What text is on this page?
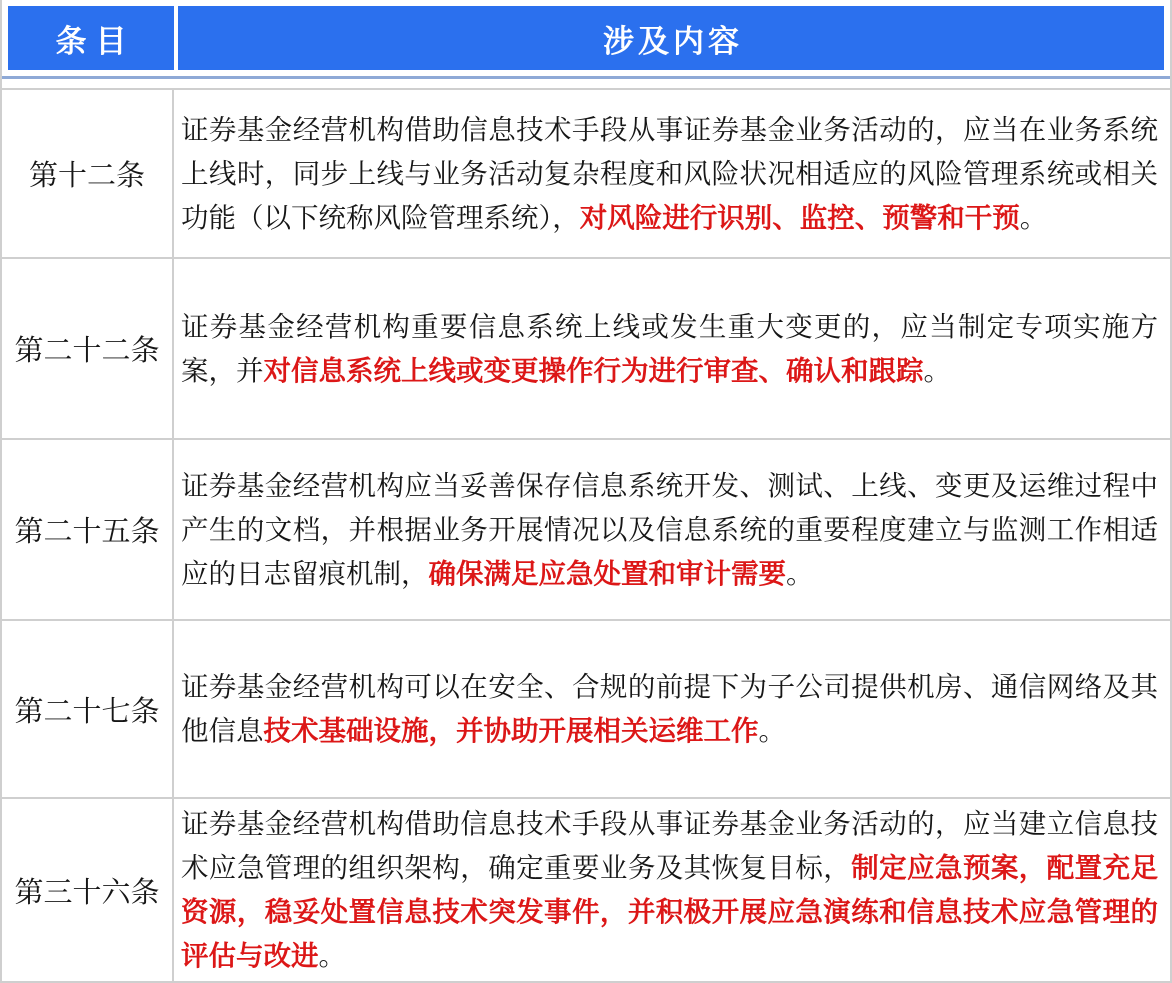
条目	涉及内容
第十二条
证券基金经营机构借助信息技术手段从事证券基金业务活动的，应当在业务系统上线时，同步上线与业务活动复杂程度和风险状况相适应的风险管理系统或相关功能（以下统称风险管理系统），对风险进行识别、监控、预警和干预。
第二十二条
证券基金经营机构重要信息系统上线或发生重大变更的，应当制定专项实施方案，并对信息系统上线或变更操作行为进行审查、确认和跟踪。
第二十五条
证券基金经营机构应当妥善保存信息系统开发、测试、上线、变更及运维过程中产生的文档，并根据业务开展情况以及信息系统的重要程度建立与监测工作相适应的日志留痕机制，确保满足应急处置和审计需要。
第二十七条
证券基金经营机构可以在安全、合规的前提下为子公司提供机房、通信网络及其他信息技术基础设施，并协助开展相关运维工作。
第三十六条
证券基金经营机构借助信息技术手段从事证券基金业务活动的，应当建立信息技术应急管理的组织架构，确定重要业务及其恢复目标，制定应急预案，配置充足资源，稳妥处置信息技术突发事件，并积极开展应急演练和信息技术应急管理的评估与改进。
